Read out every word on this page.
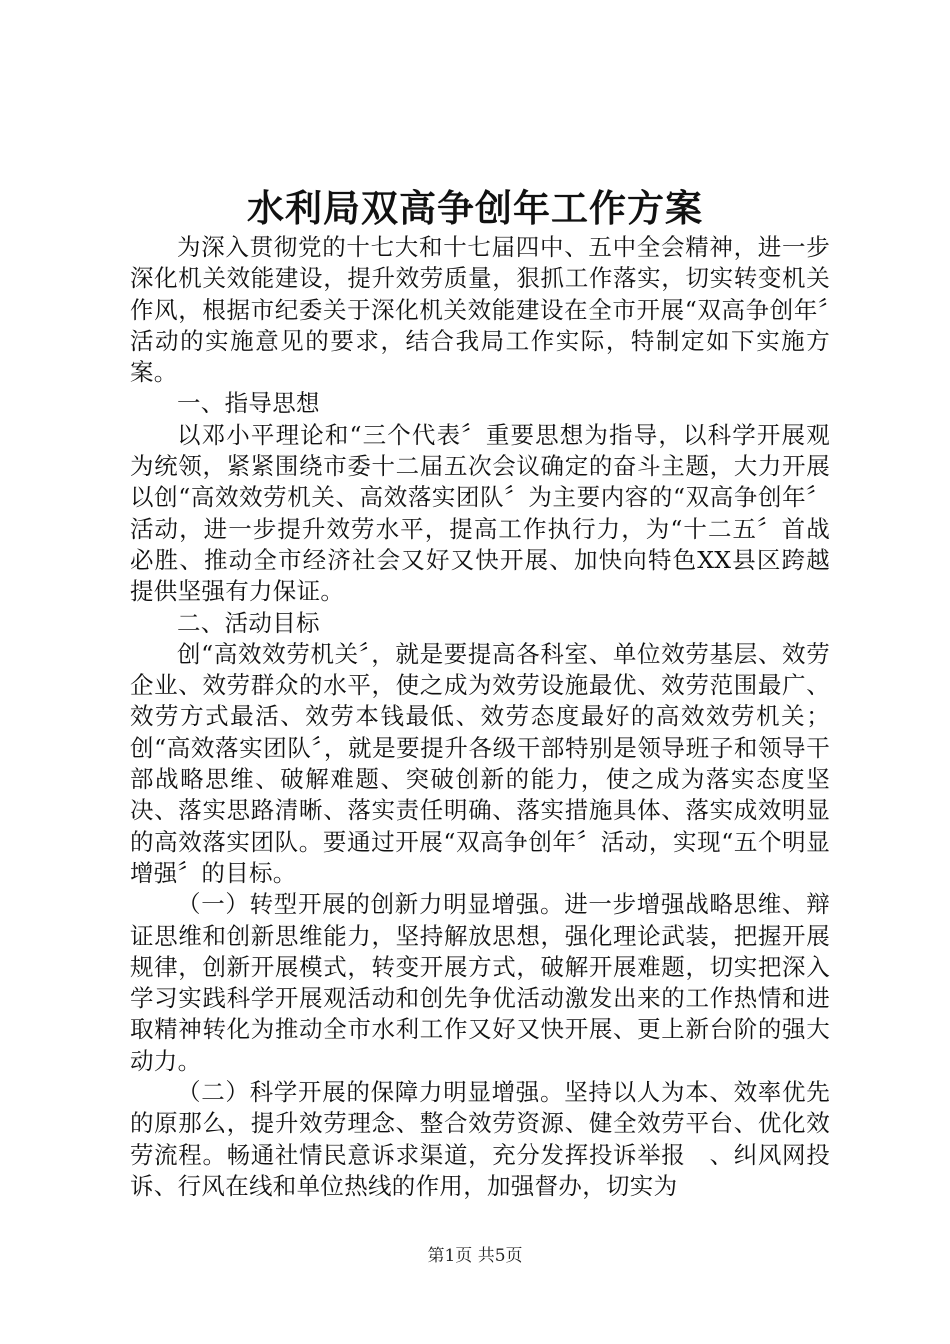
水利局双高争创年工作方案

为深入贯彻党的十七大和十七届四中、五中全会精神，进一步深化机关效能建设，提升效劳质量，狠抓工作落实，切实转变机关作风，根据市纪委关于深化机关效能建设在全市开展“双高争创年〞活动的实施意见的要求，结合我局工作实际，特制定如下实施方案。

一、指导思想

以邓小平理论和“三个代表〞重要思想为指导，以科学开展观为统领，紧紧围绕市委十二届五次会议确定的奋斗主题，大力开展以创“高效效劳机关、高效落实团队〞为主要内容的“双高争创年〞活动，进一步提升效劳水平，提高工作执行力，为“十二五〞首战必胜、推动全市经济社会又好又快开展、加快向特色XX县区跨越提供坚强有力保证。

二、活动目标

创“高效效劳机关〞，就是要提高各科室、单位效劳基层、效劳企业、效劳群众的水平，使之成为效劳设施最优、效劳范围最广、效劳方式最活、效劳本钱最低、效劳态度最好的高效效劳机关；创“高效落实团队〞，就是要提升各级干部特别是领导班子和领导干部战略思维、破解难题、突破创新的能力，使之成为落实态度坚决、落实思路清晰、落实责任明确、落实措施具体、落实成效明显的高效落实团队。要通过开展“双高争创年〞活动，实现“五个明显增强〞的目标。

（一）转型开展的创新力明显增强。进一步增强战略思维、辩证思维和创新思维能力，坚持解放思想，强化理论武装，把握开展规律，创新开展模式，转变开展方式，破解开展难题，切实把深入学习实践科学开展观活动和创先争优活动激发出来的工作热情和进取精神转化为推动全市水利工作又好又快开展、更上新台阶的强大动力。

（二）科学开展的保障力明显增强。坚持以人为本、效率优先的原那么，提升效劳理念、整合效劳资源、健全效劳平台、优化效劳流程。畅通社情民意诉求渠道，充分发挥投诉举报　、纠风网投诉、行风在线和单位热线的作用，加强督办，切实为

第1页 共5页
